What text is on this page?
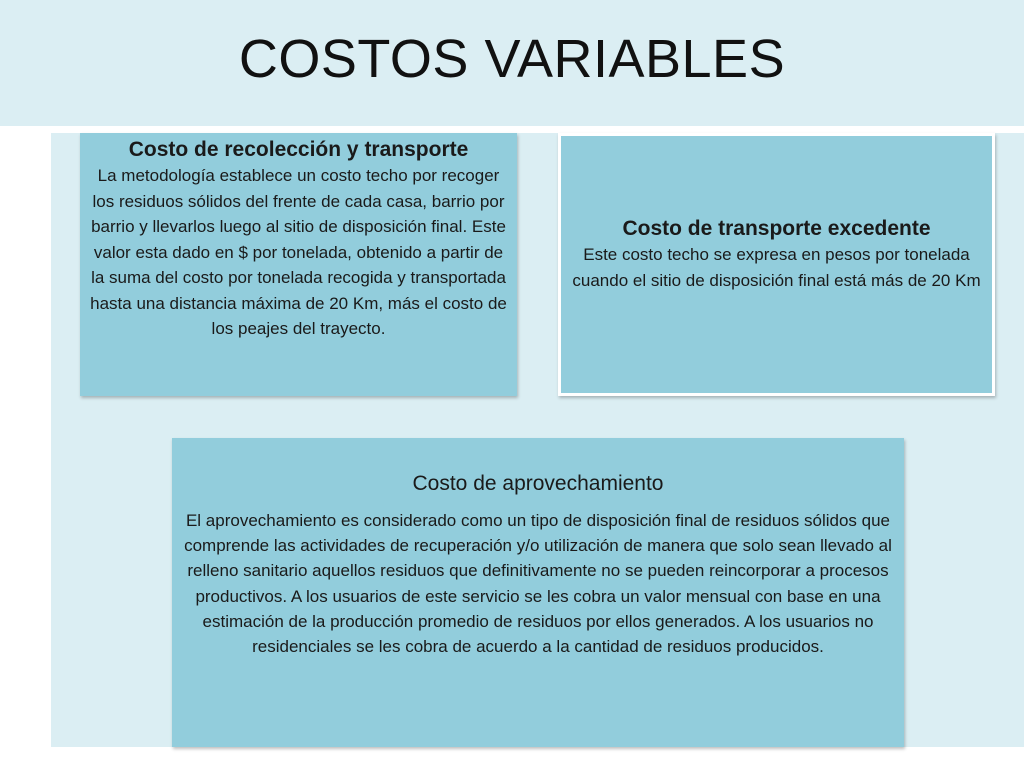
COSTOS VARIABLES
Costo de recolección y transporte

La metodología establece un costo techo por recoger los residuos sólidos del frente de cada casa, barrio por barrio y llevarlos luego al sitio de disposición final. Este valor esta dado en $ por tonelada, obtenido a partir de la suma del costo por tonelada recogida y transportada hasta una distancia máxima de 20 Km, más el costo de los peajes del trayecto.

Costo de transporte excedente

Este costo techo se expresa en pesos por tonelada cuando el sitio de disposición final está más de 20 Km

Costo de aprovechamiento

El aprovechamiento es considerado como un tipo de disposición final de residuos sólidos que comprende las actividades de recuperación y/o utilización de manera que solo sean llevado al relleno sanitario aquellos residuos que definitivamente no se pueden reincorporar a procesos productivos. A los usuarios de este servicio se les cobra un valor mensual con base en una estimación de la producción promedio de residuos por ellos generados. A los usuarios no residenciales se les cobra de acuerdo a la cantidad de residuos producidos.
